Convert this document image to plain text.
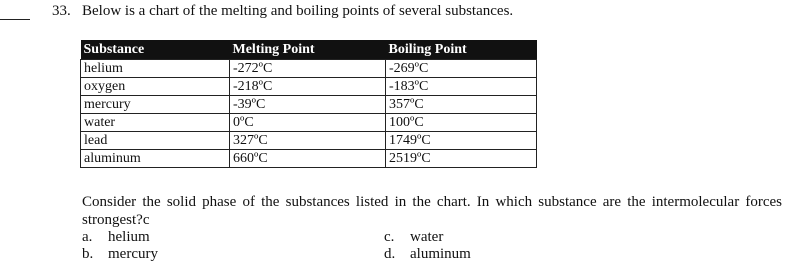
33. Below is a chart of the melting and boiling points of several substances.
Substance	Melting Point	Boiling Point
helium	-272ºC	-269ºC
oxygen	-218ºC	-183ºC
mercury	-39ºC	357ºC
water	0ºC	100ºC
lead	327ºC	1749ºC
aluminum	660ºC	2519ºC
Consider the solid phase of the substances listed in the chart. In which substance are the intermolecular forces strongest?c
a. helium
b. mercury
c. water
d. aluminum
